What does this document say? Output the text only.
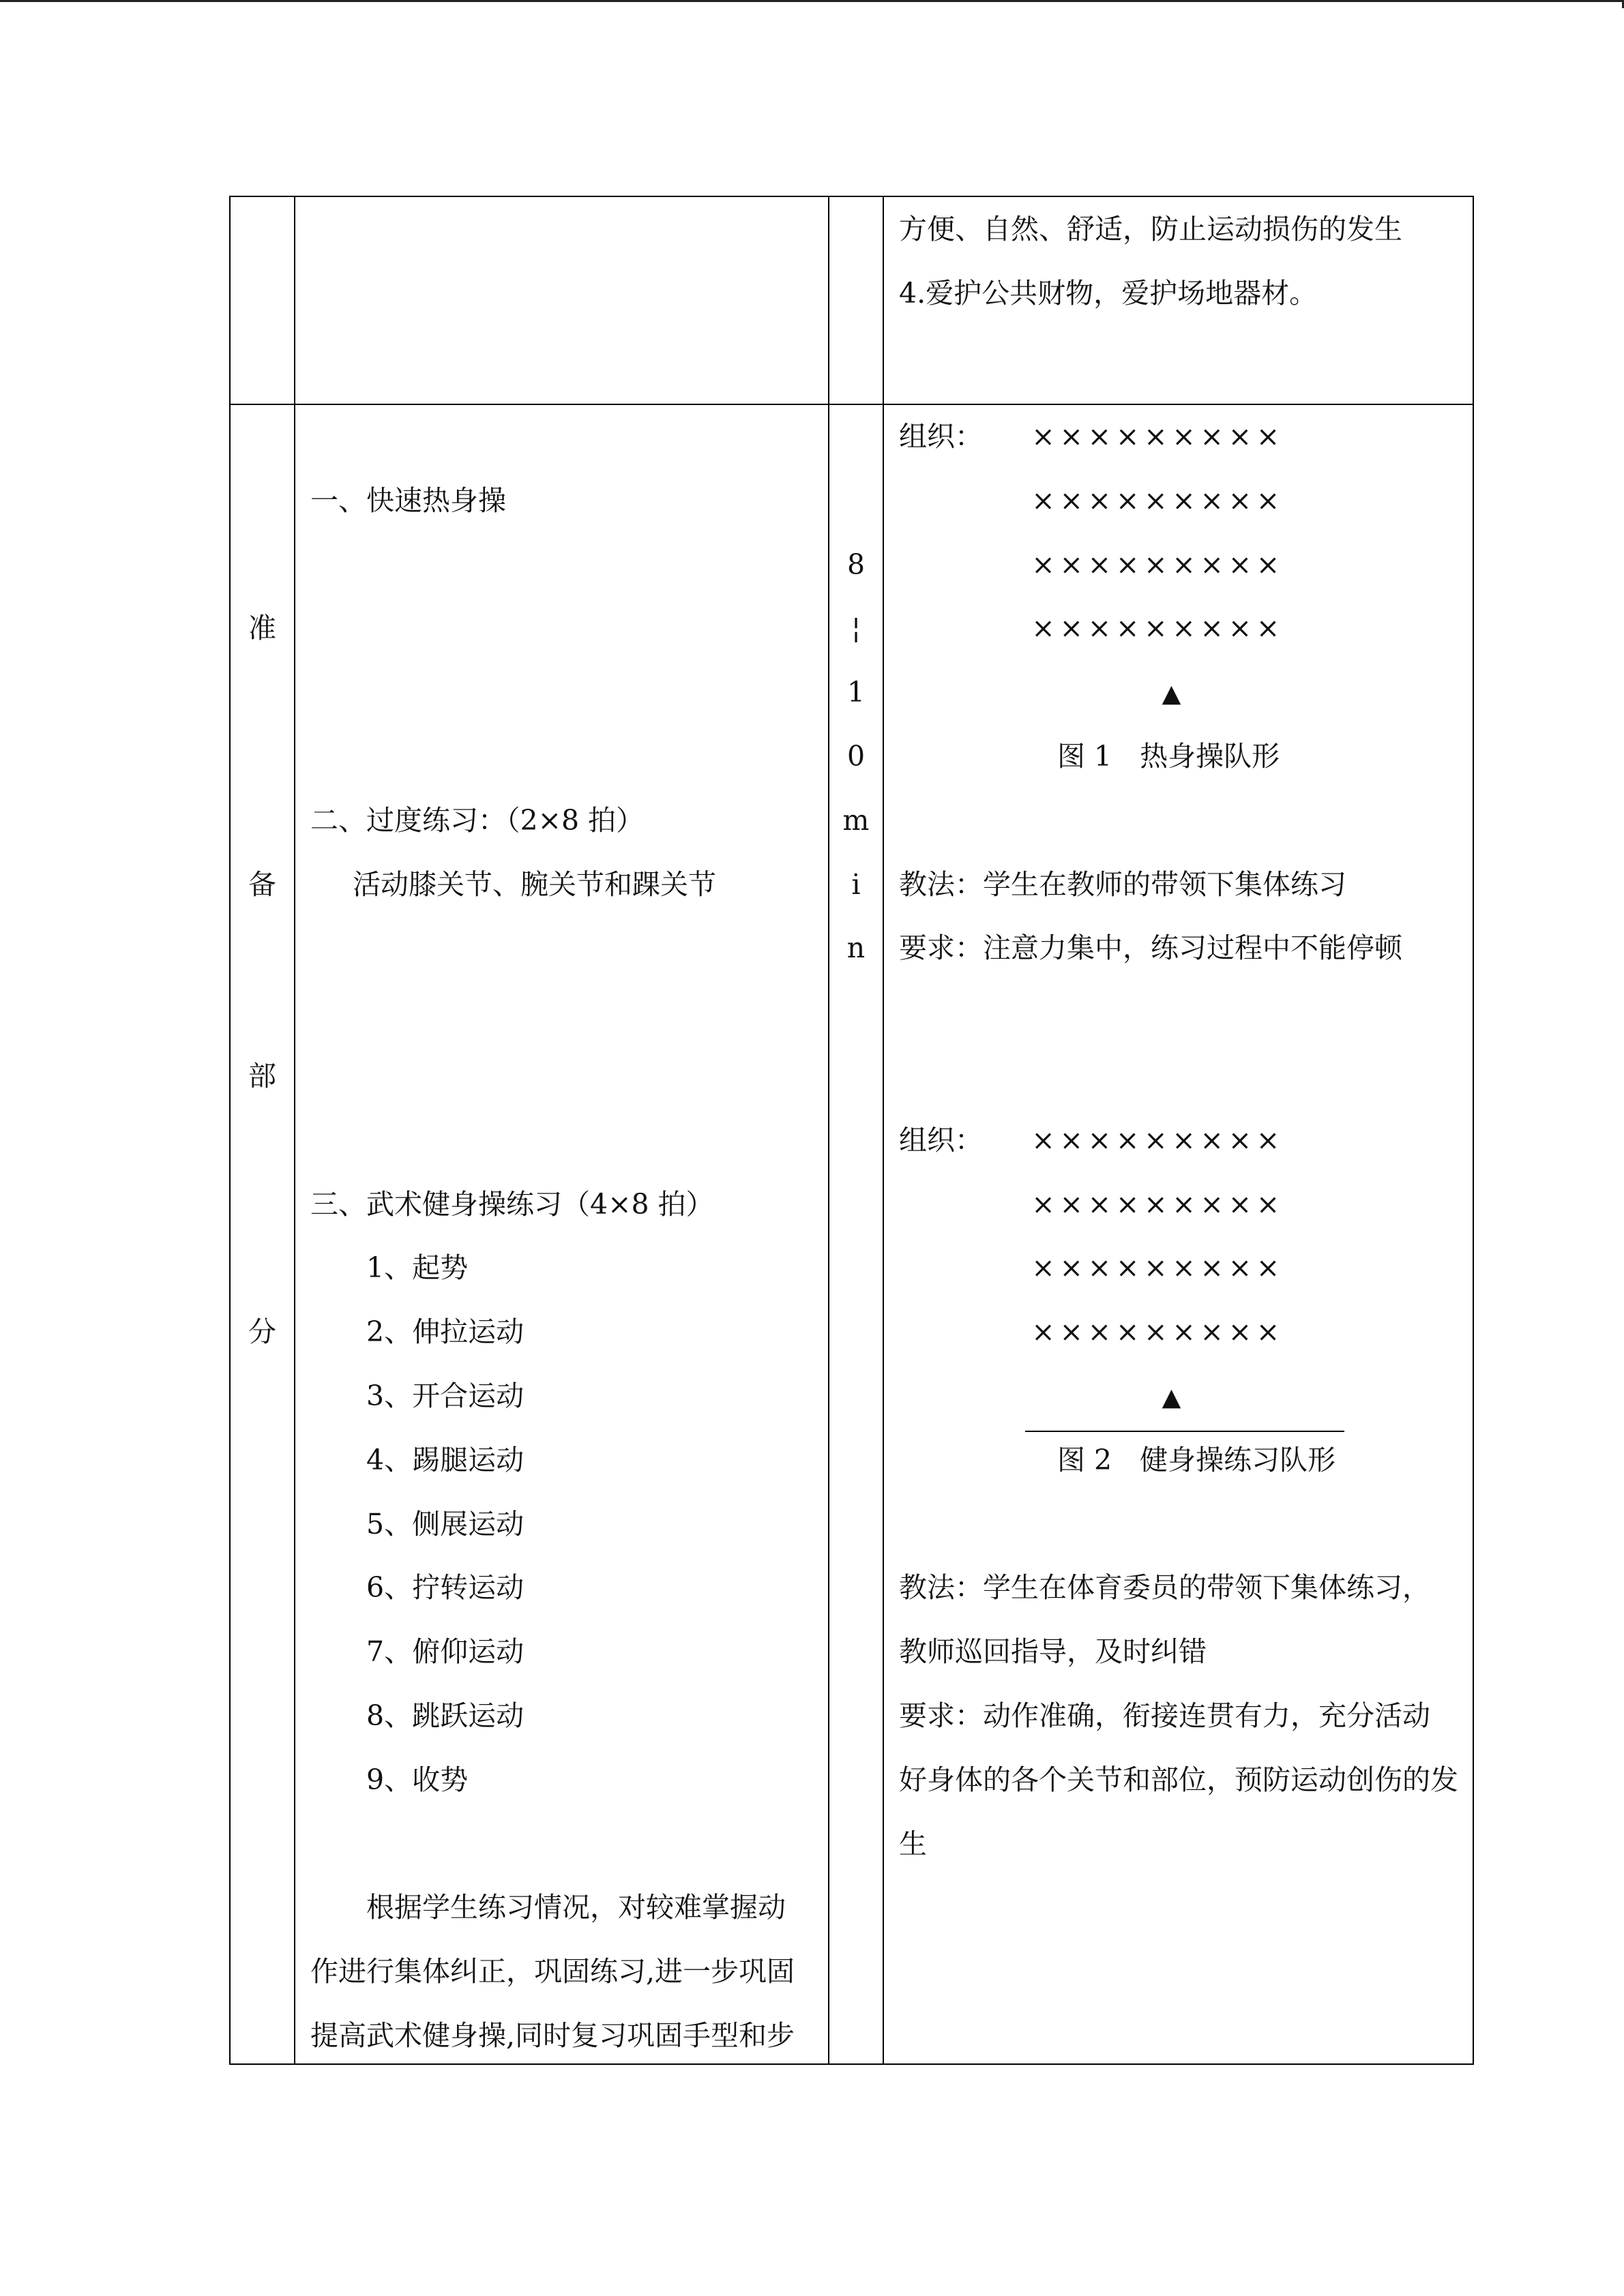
方便、自然、舒适，防止运动损伤的发生
4.爱护公共财物，爱护场地器材。
准
备
部
分
一、快速热身操
二、过度练习：（2×8 拍）
活动膝关节、腕关节和踝关节
三、武术健身操练习（4×8 拍）
1、起势
2、伸拉运动
3、开合运动
4、踢腿运动
5、侧展运动
6、拧转运动
7、俯仰运动
8、跳跃运动
9、收势
根据学生练习情况，对较难掌握动
作进行集体纠正，巩固练习,进一步巩固
提高武术健身操,同时复习巩固手型和步
8
¦
1
0
m
i
n
组织： × × × × × × × × ×
× × × × × × × × ×
× × × × × × × × ×
× × × × × × × × ×
▲
图 1　热身操队形
教法：学生在教师的带领下集体练习
要求：注意力集中，练习过程中不能停顿
组织： × × × × × × × × ×
× × × × × × × × ×
× × × × × × × × ×
× × × × × × × × ×
▲
图 2　健身操练习队形
教法：学生在体育委员的带领下集体练习，
教师巡回指导，及时纠错
要求：动作准确，衔接连贯有力，充分活动
好身体的各个关节和部位，预防运动创伤的发
生
